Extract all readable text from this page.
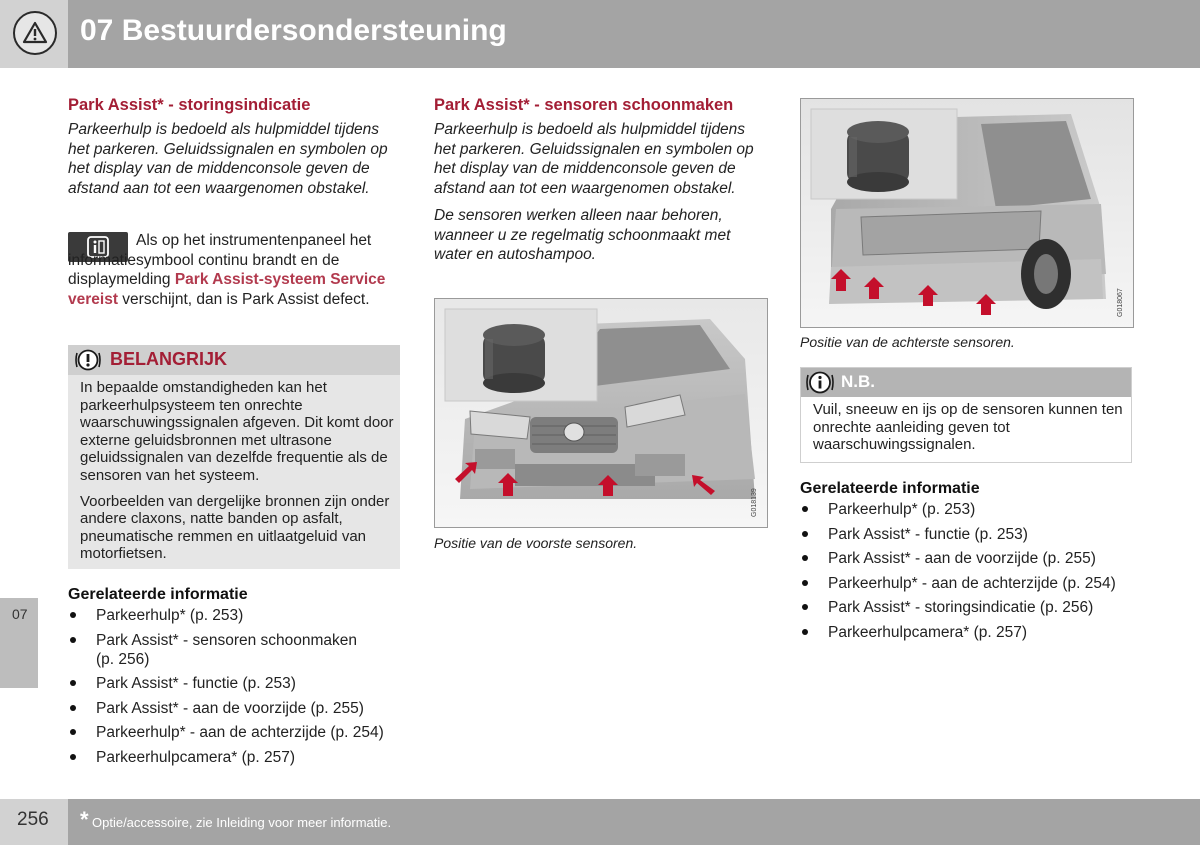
07 Bestuurdersondersteuning
07
Park Assist* - storingsindicatie
Parkeerhulp is bedoeld als hulpmiddel tijdens het parkeren. Geluidssignalen en symbolen op het display van de middenconsole geven de afstand aan tot een waargenomen obstakel.
Als op het instrumentenpaneel het informatiesymbool continu brandt en de displaymelding Park Assist-systeem Service vereist verschijnt, dan is Park Assist defect.
BELANGRIJK

In bepaalde omstandigheden kan het parkeerhulpsysteem ten onrechte waarschuwingssignalen afgeven. Dit komt door externe geluidsbronnen met ultrasone geluidssignalen van dezelfde frequentie als de sensoren van het systeem.

Voorbeelden van dergelijke bronnen zijn onder andere claxons, natte banden op asfalt, pneumatische remmen en uitlaatgeluid van motorfietsen.

Gerelateerde informatie
Parkeerhulp* (p. 253)
Park Assist* - sensoren schoonmaken (p. 256)
Park Assist* - functie (p. 253)
Park Assist* - aan de voorzijde (p. 255)
Parkeerhulp* - aan de achterzijde (p. 254)
Parkeerhulpcamera* (p. 257)
Park Assist* - sensoren schoonmaken
Parkeerhulp is bedoeld als hulpmiddel tijdens het parkeren. Geluidssignalen en symbolen op het display van de middenconsole geven de afstand aan tot een waargenomen obstakel.
De sensoren werken alleen naar behoren, wanneer u ze regelmatig schoonmaakt met water en autoshampoo.
G018139
Positie van de voorste sensoren.
G018067
Positie van de achterste sensoren.
N.B.
Vuil, sneeuw en ijs op de sensoren kunnen ten onrechte aanleiding geven tot waarschuwingssignalen.
Gerelateerde informatie
Parkeerhulp* (p. 253)
Park Assist* - functie (p. 253)
Park Assist* - aan de voorzijde (p. 255)
Parkeerhulp* - aan de achterzijde (p. 254)
Park Assist* - storingsindicatie (p. 256)
Parkeerhulpcamera* (p. 257)
256 * Optie/accessoire, zie Inleiding voor meer informatie.
